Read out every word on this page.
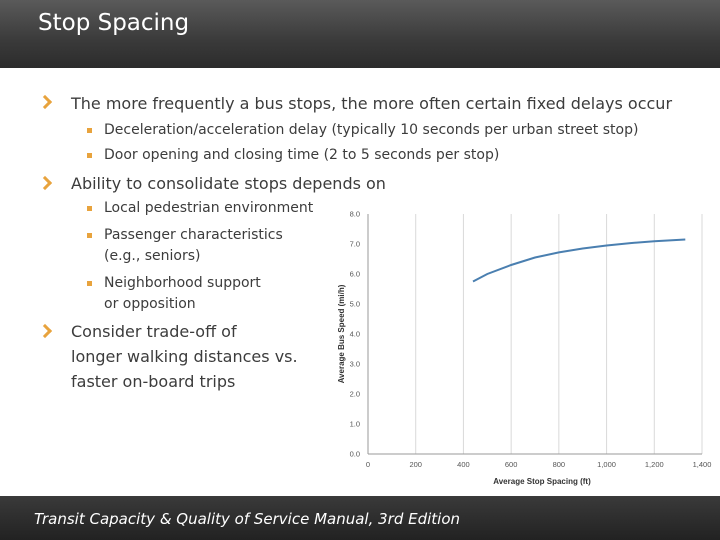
Stop Spacing
The more frequently a bus stops, the more often certain fixed delays occur
Deceleration/acceleration delay (typically 10 seconds per urban street stop)
Door opening and closing time (2 to 5 seconds per stop)
Ability to consolidate stops depends on
Local pedestrian environment
Passenger characteristics
(e.g., seniors)
Neighborhood support
or opposition
Consider trade-off of
longer walking distances vs.
faster on-board trips
0	200	400	600	800	1,000	1,200	1,400
0.0
1.0
2.0
3.0
4.0
5.0
6.0
7.0
8.0
Average Stop Spacing (ft)
Average Bus Speed (mi/h)
Transit Capacity & Quality of Service Manual, 3rd Edition
